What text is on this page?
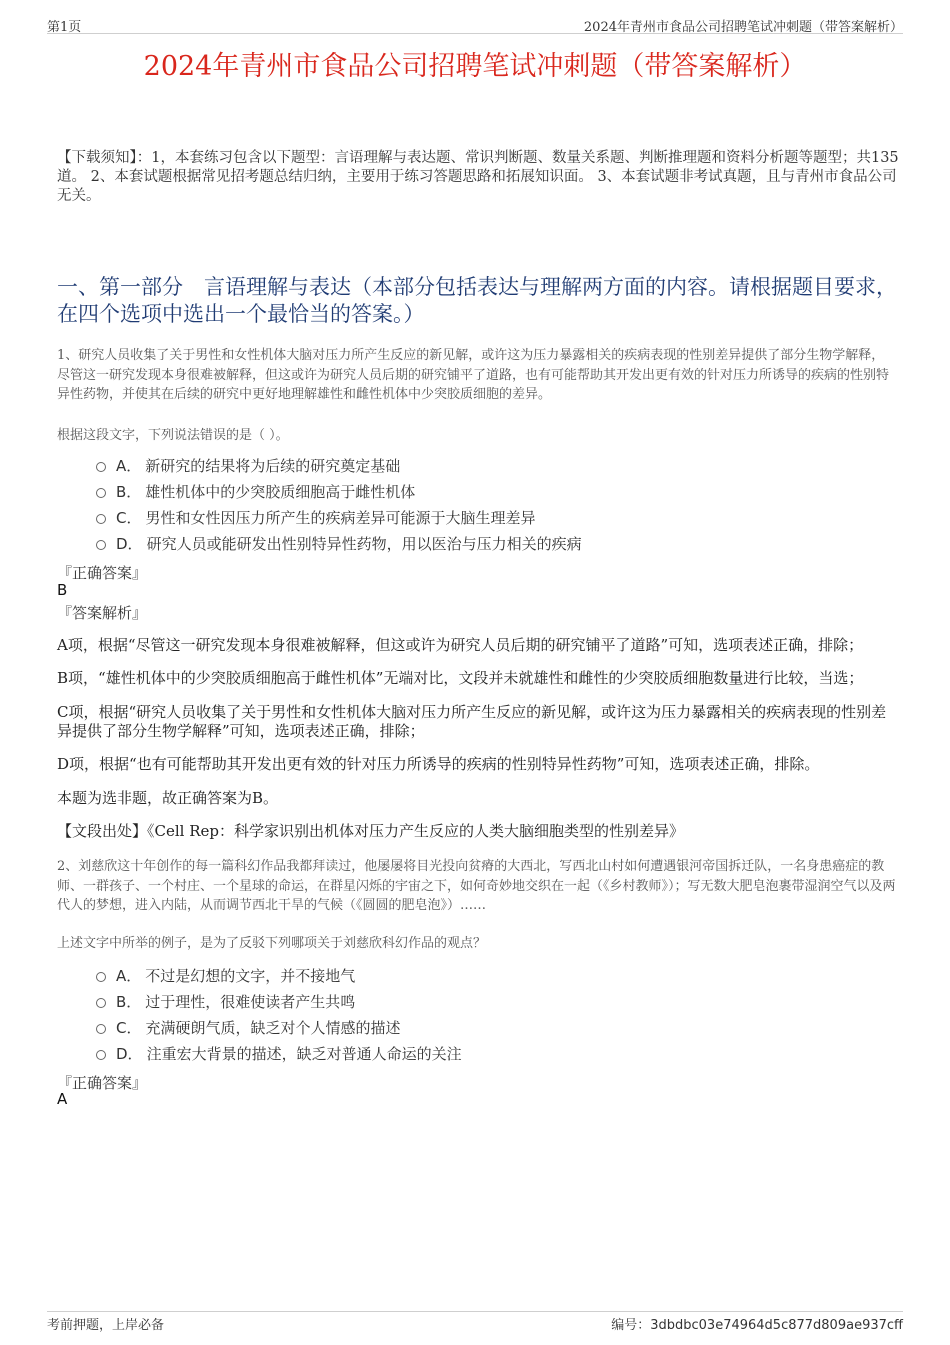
第1页	2024年青州市食品公司招聘笔试冲刺题（带答案解析）
2024年青州市食品公司招聘笔试冲刺题（带答案解析）
【下载须知】：1，本套练习包含以下题型：言语理解与表达题、常识判断题、数量关系题、判断推理题和资料分析题等题型；共135道。 2、本套试题根据常见招考题总结归纳，主要用于练习答题思路和拓展知识面。 3、本套试题非考试真题，且与青州市食品公司无关。
一、第一部分　言语理解与表达（本部分包括表达与理解两方面的内容。请根据题目要求，在四个选项中选出一个最恰当的答案。）
1、研究人员收集了关于男性和女性机体大脑对压力所产生反应的新见解，或许这为压力暴露相关的疾病表现的性别差异提供了部分生物学解释，尽管这一研究发现本身很难被解释，但这或许为研究人员后期的研究铺平了道路，也有可能帮助其开发出更有效的针对压力所诱导的疾病的性别特异性药物，并使其在后续的研究中更好地理解雄性和雌性机体中少突胶质细胞的差异。
根据这段文字，下列说法错误的是（ ）。
A． 新研究的结果将为后续的研究奠定基础
B． 雄性机体中的少突胶质细胞高于雌性机体
C． 男性和女性因压力所产生的疾病差异可能源于大脑生理差异
D． 研究人员或能研发出性别特异性药物，用以医治与压力相关的疾病
『正确答案』
B
『答案解析』
A项，根据“尽管这一研究发现本身很难被解释，但这或许为研究人员后期的研究铺平了道路”可知，选项表述正确，排除；
B项，“雄性机体中的少突胶质细胞高于雌性机体”无端对比，文段并未就雄性和雌性的少突胶质细胞数量进行比较，当选；
C项，根据“研究人员收集了关于男性和女性机体大脑对压力所产生反应的新见解，或许这为压力暴露相关的疾病表现的性别差异提供了部分生物学解释”可知，选项表述正确，排除；
D项，根据“也有可能帮助其开发出更有效的针对压力所诱导的疾病的性别特异性药物”可知，选项表述正确，排除。
本题为选非题，故正确答案为B。
【文段出处】《Cell Rep：科学家识别出机体对压力产生反应的人类大脑细胞类型的性别差异》
2、刘慈欣这十年创作的每一篇科幻作品我都拜读过，他屡屡将目光投向贫瘠的大西北，写西北山村如何遭遇银河帝国拆迁队，一名身患癌症的教师、一群孩子、一个村庄、一个星球的命运，在群星闪烁的宇宙之下，如何奇妙地交织在一起（《乡村教师》）；写无数大肥皂泡裹带湿润空气以及两代人的梦想，进入内陆，从而调节西北干旱的气候（《圆圆的肥皂泡》）……
上述文字中所举的例子，是为了反驳下列哪项关于刘慈欣科幻作品的观点？
A． 不过是幻想的文字，并不接地气
B． 过于理性，很难使读者产生共鸣
C． 充满硬朗气质，缺乏对个人情感的描述
D． 注重宏大背景的描述，缺乏对普通人命运的关注
『正确答案』
A
考前押题，上岸必备	编号：3dbdbc03e74964d5c877d809ae937cff
